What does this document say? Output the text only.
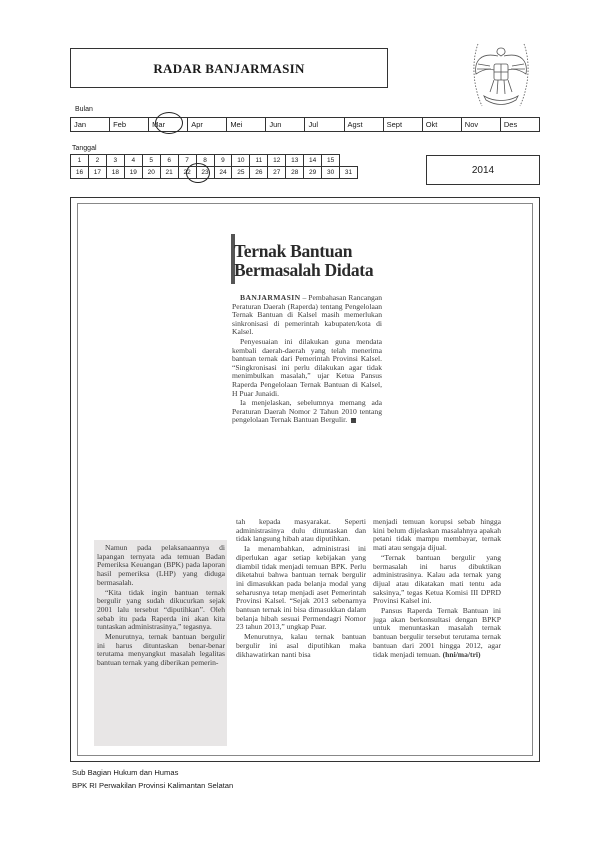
RADAR BANJARMASIN
Bulan
Jan	Feb	Mar	Apr	Mei	Jun	Jul	Agst	Sept	Okt	Nov	Des
Tanggal
1	2	3	4	5	6	7	8	9	10	11	12	13	14	15	
16	17	18	19	20	21	22	23	24	25	26	27	28	29	30	31	2014
Ternak Bantuan
Bermasalah Didata

BANJARMASIN – Pembahasan Rancangan Peraturan Daerah (Raperda) tentang Pengelolaan Ternak Bantuan di Kalsel masih memerlukan sinkronisasi di pemerintah kabupaten/kota di Kalsel.

Penyesuaian ini dilakukan guna mendata kembali daerah-daerah yang telah menerima bantuan ternak dari Pemerintah Provinsi Kalsel. “Singkronisasi ini perlu dilakukan agar tidak menimbulkan masalah,” ujar Ketua Pansus Raperda Pengelolaan Ternak Bantuan di Kalsel, H Puar Junaidi.

Ia menjelaskan, sebelumnya memang ada Peraturan Daerah Nomor 2 Tahun 2010 tentang pengelolaan Ternak Bantuan Bergulir.

Namun pada pelaksanaannya di lapangan ternyata ada temuan Badan Pemeriksa Keuangan (BPK) pada laporan hasil pemeriksa (LHP) yang diduga bermasalah.

“Kita tidak ingin bantuan ternak bergulir yang sudah dikucurkan sejak 2001 lalu tersebut “diputihkan”. Oleh sebab itu pada Raperda ini akan kita tuntaskan administrasinya,” tegasnya.

Menurutnya, ternak bantuan bergulir ini harus dituntaskan benar-benar terutama menyangkut masalah legalitas bantuan ternak yang diberikan pemerin-

tah kepada masyarakat. Seperti administrasinya dulu dituntaskan dan tidak langsung hibah atau diputihkan.

Ia menambahkan, administrasi ini diperlukan agar setiap kebijakan yang diambil tidak menjadi temuan BPK. Perlu diketahui bahwa bantuan ternak bergulir ini dimasukkan pada belanja modal yang seharusnya tetap menjadi aset Pemerintah Provinsi Kalsel. “Sejak 2013 sebenarnya bantuan ternak ini bisa dimasukkan dalam belanja hibah sesuai Permendagri Nomor 23 tahun 2013,” ungkap Puar.

Menurutnya, kalau ternak bantuan bergulir ini asal diputihkan maka dikhawatirkan nanti bisa

menjadi temuan korupsi sebab hingga kini belum dijelaskan masalahnya apakah petani tidak mampu membayar, ternak mati atau sengaja dijual.

“Ternak bantuan bergulir yang bermasalah ini harus dibuktikan administrasinya. Kalau ada ternak yang dijual atau dikatakan mati tentu ada saksinya,” tegas Ketua Komisi III DPRD Provinsi Kalsel ini.

Pansus Raperda Ternak Bantuan ini juga akan berkonsultasi dengan BPKP untuk menuntaskan masalah ternak bantuan bergulir tersebut terutama ternak bantuan dari 2001 hingga 2012, agar tidak menjadi temuan. (hni/ma/tri)

Sub Bagian Hukum dan Humas
BPK RI Perwakilan Provinsi Kalimantan Selatan
